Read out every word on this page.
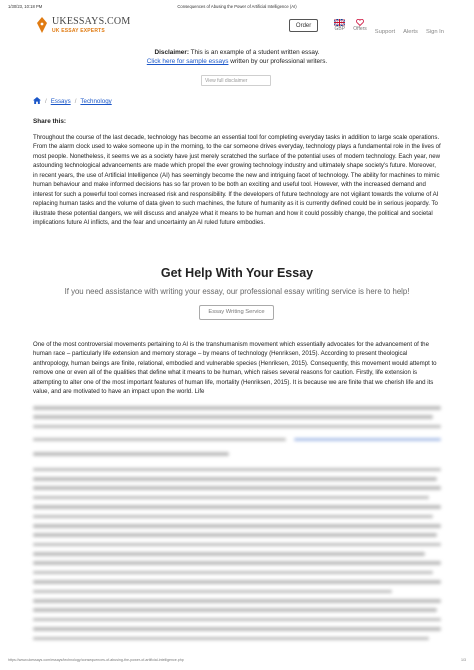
1/30/23, 10:18 PM	Consequences of Abusing the Power of Artificial Intelligence (AI)
UKESSAYS.COM
UK ESSAY EXPERTS
Order	GBP Offers Support Alerts Sign In
Disclaimer: This is an example of a student written essay.
Click here for sample essays written by our professional writers.
View full disclaimer
/ Essays / Technology
Share this:

Throughout the course of the last decade, technology has become an essential tool for completing everyday tasks in addition to large scale operations. From the alarm clock used to wake someone up in the morning, to the car someone drives everyday, technology plays a fundamental role in the lives of most people. Nonetheless, it seems we as a society have just merely scratched the surface of the potential uses of modern technology. Each year, new astounding technological advancements are made which propel the ever growing technology industry and ultimately shape society's future. Moreover, in recent years, the use of Artificial Intelligence (AI) has seemingly become the new and intriguing facet of technology. The ability for machines to mimic human behaviour and make informed decisions has so far proven to be both an exciting and useful tool. However, with the increased demand and interest for such a powerful tool comes increased risk and responsibility. If the developers of future technology are not vigilant towards the volume of AI replacing human tasks and the volume of data given to such machines, the future of humanity as it is currently defined could be in serious jeopardy. To illustrate these potential dangers, we will discuss and analyze what it means to be human and how it could possibly change, the political and societal implications future AI inflicts, and the fear and uncertainty an AI ruled future embodies.

Get Help With Your Essay
If you need assistance with writing your essay, our professional essay writing service is here to help!
Essay Writing Service

One of the most controversial movements pertaining to AI is the transhumanism movement which essentially advocates for the advancement of the human race – particularly life extension and memory storage – by means of technology (Henriksen, 2015). According to present theological anthropology, human beings are finite, relational, embodied and vulnerable species (Henriksen, 2015). Consequently, this movement would attempt to remove one or even all of the qualities that define what it means to be human, which raises several reasons for caution. Firstly, life extension is attempting to alter one of the most important features of human life, mortality (Henriksen, 2015). It is because we are finite that we cherish life and its value, and are motivated to have an impact upon the world. Life

https://www.ukessays.com/essays/technology/consequences-of-abusing-the-power-of-artificial-intelligence.php	1/3
